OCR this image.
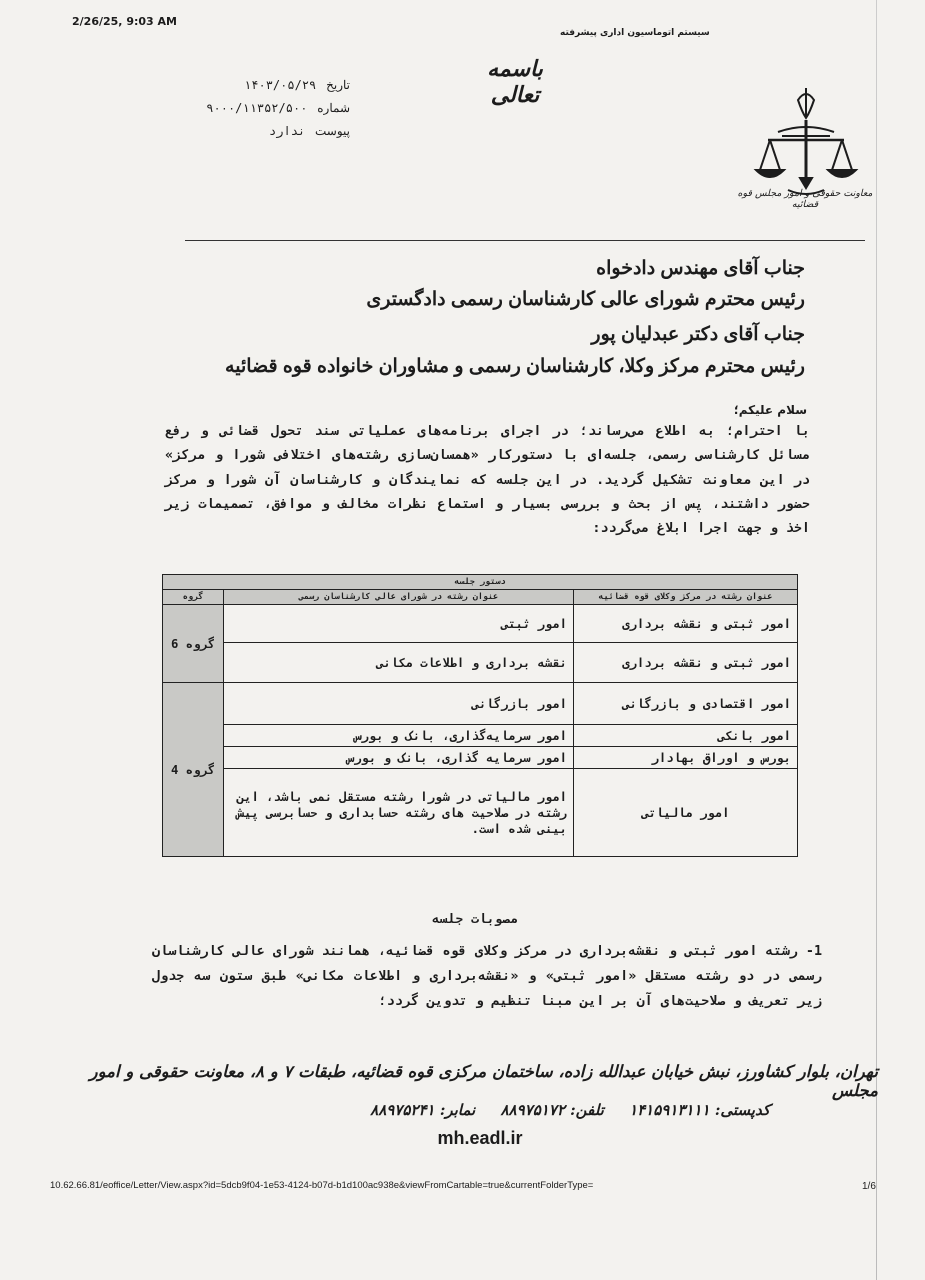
2/26/25, 9:03 AM
سیستم اتوماسیون اداری پیشرفته
باسمه تعالی
تاریخ ۱۴۰۳/۰۵/۲۹
شماره ۹۰۰۰/۱۱۳۵۲/۵۰۰
پیوست ندارد
معاونت حقوقی و امور مجلس قوه قضائیه
جناب آقای مهندس دادخواه
رئیس محترم شورای عالی کارشناسان رسمی دادگستری
جناب آقای دکتر عبدلیان پور
رئیس محترم مرکز وکلا، کارشناسان رسمی و مشاوران خانواده قوه قضائیه
سلام علیکم؛
با احترام؛ به اطلاع می‌رساند؛ در اجرای برنامه‌های عملیاتی سند تحول قضائی و رفع مسائل کارشناسی رسمی، جلسه‌ای با دستورکار «همسان‌سازی رشته‌های اختلافی شورا و مرکز» در این معاونت تشکیل گردید. در این جلسه که نمایندگان و کارشناسان آن شورا و مرکز حضور داشتند، پس از بحث و بررسی بسیار و استماع نظرات مخالف و موافق، تصمیمات زیر اخذ و جهت اجرا ابلاغ می‌گردد:
دستور جلسه		
گروه	عنوان رشته در شورای عالی کارشناسان رسمی	عنوان رشته در مرکز وکلای قوه قضائیه
گروه 6	امور ثبتی	امور ثبتی و نقشه برداری
	نقشه برداری و اطلاعات مکانی	امور ثبتی و نقشه برداری
گروه 4	امور بازرگانی	امور اقتصادی و بازرگانی
	امور سرمایه‌گذاری، بانک و بورس	امور بانکی
	امور سرمایه گذاری، بانک و بورس	بورس و اوراق بهادار
	امور مالیاتی در شورا رشته مستقل نمی باشد، این رشته در صلاحیت های رشته حسابداری و حسابرسی پیش بینی شده است.	امور مالیاتی
مصوبات جلسه
1- رشته امور ثبتی و نقشه‌برداری در مرکز وکلای قوه قضائیه، همانند شورای عالی کارشناسان رسمی در دو رشته مستقل «امور ثبتی» و «نقشه‌برداری و اطلاعات مکانی» طبق ستون سه جدول زیر تعریف و صلاحیت‌های آن بر این مبنا تنظیم و تدوین گردد؛
تهران، بلوار کشاورز، نبش خیابان عبدالله زاده، ساختمان مرکزی قوه قضائیه، طبقات ۷ و ۸، معاونت حقوقی و امور مجلس
کدپستی: ۱۴۱۵۹۱۳۱۱۱ تلفن: ۸۸۹۷۵۱۷۲ نمابر: ۸۸۹۷۵۲۴۱
mh.eadl.ir
10.62.66.81/eoffice/Letter/View.aspx?id=5dcb9f04-1e53-4124-b07d-b1d100ac938e&viewFromCartable=true&currentFolderType=	1/6
